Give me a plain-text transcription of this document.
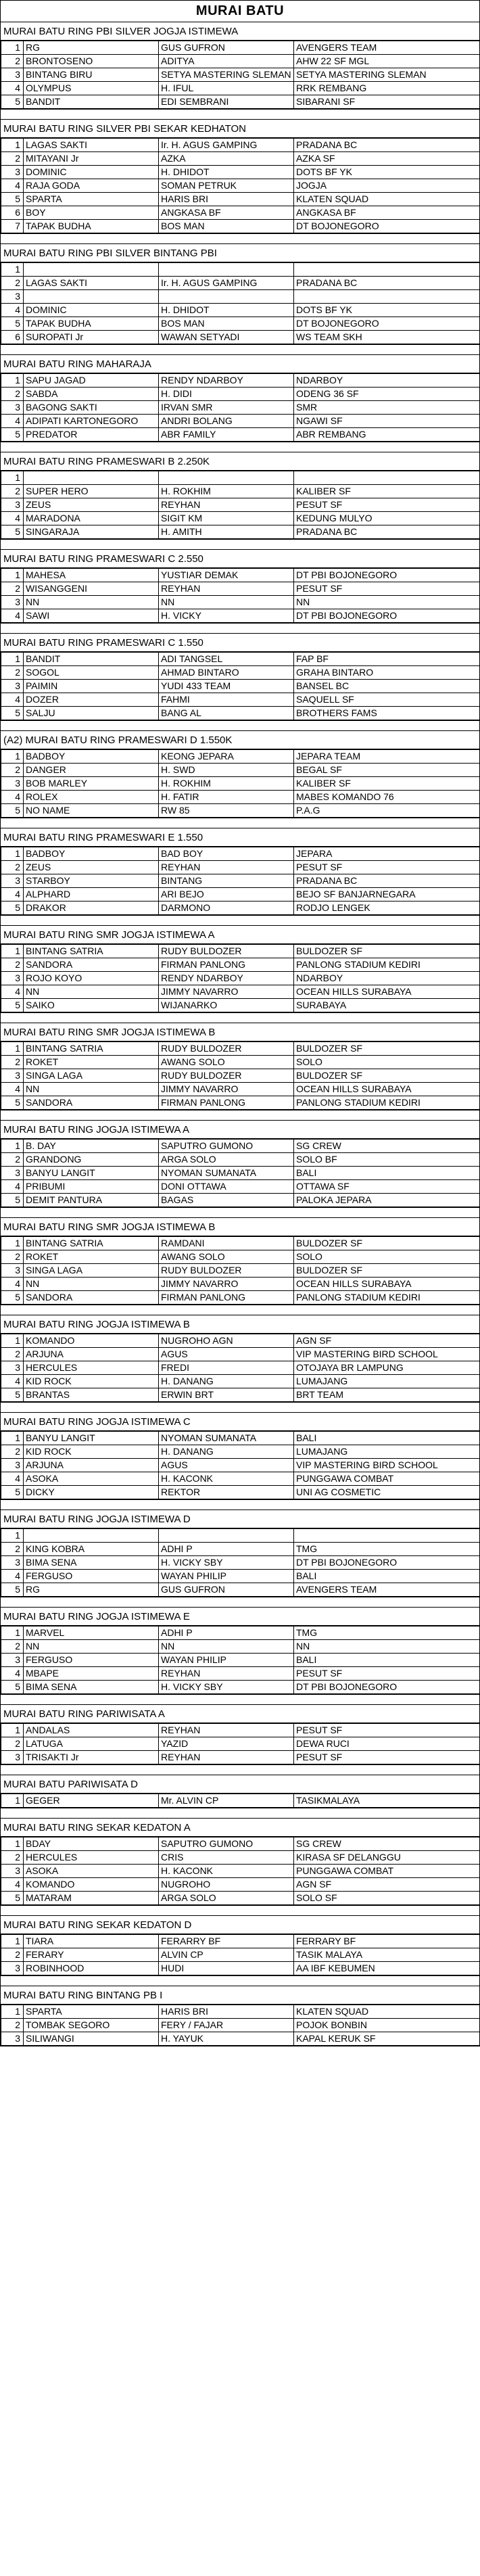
MURAI BATU
MURAI BATU RING PBI SILVER JOGJA ISTIMEWA
1	RG	GUS GUFRON	AVENGERS TEAM
2	BRONTOSENO	ADITYA	AHW 22 SF MGL
3	BINTANG BIRU	SETYA MASTERING SLEMAN	SETYA MASTERING SLEMAN
4	OLYMPUS	H. IFUL	RRK REMBANG
5	BANDIT	EDI SEMBRANI	SIBARANI SF
MURAI BATU RING SILVER PBI SEKAR KEDHATON
1	LAGAS SAKTI	Ir. H. AGUS GAMPING	PRADANA BC
2	MITAYANI Jr	AZKA	AZKA SF
3	DOMINIC	H. DHIDOT	DOTS BF YK
4	RAJA GODA	SOMAN PETRUK	JOGJA
5	SPARTA	HARIS BRI	KLATEN SQUAD
6	BOY	ANGKASA BF	ANGKASA BF
7	TAPAK BUDHA	BOS MAN	DT BOJONEGORO
MURAI BATU RING PBI SILVER BINTANG PBI
1			
2	LAGAS SAKTI	Ir. H. AGUS GAMPING	PRADANA BC
3			
4	DOMINIC	H. DHIDOT	DOTS BF YK
5	TAPAK BUDHA	BOS MAN	DT BOJONEGORO
6	SUROPATI Jr	WAWAN SETYADI	WS TEAM SKH
MURAI BATU RING MAHARAJA
1	SAPU JAGAD	RENDY NDARBOY	NDARBOY
2	SABDA	H. DIDI	ODENG 36 SF
3	BAGONG SAKTI	IRVAN SMR	SMR
4	ADIPATI KARTONEGORO	ANDRI BOLANG	NGAWI SF
5	PREDATOR	ABR FAMILY	ABR REMBANG
MURAI BATU RING PRAMESWARI B 2.250K
1			
2	SUPER HERO	H. ROKHIM	KALIBER SF
3	ZEUS	REYHAN	PESUT SF
4	MARADONA	SIGIT KM	KEDUNG MULYO
5	SINGARAJA	H. AMITH	PRADANA BC
MURAI BATU RING PRAMESWARI C 2.550
1	MAHESA	YUSTIAR DEMAK	DT PBI BOJONEGORO
2	WISANGGENI	REYHAN	PESUT SF
3	NN	NN	NN
4	SAWI	H. VICKY	DT PBI BOJONEGORO
MURAI BATU RING PRAMESWARI C 1.550
1	BANDIT	ADI TANGSEL	FAP BF
2	SOGOL	AHMAD BINTARO	GRAHA BINTARO
3	PAIMIN	YUDI 433 TEAM	BANSEL BC
4	DOZER	FAHMI	SAQUELL SF
5	SALJU	BANG AL	BROTHERS FAMS
(A2) MURAI BATU RING PRAMESWARI D 1.550K
1	BADBOY	KEONG JEPARA	JEPARA TEAM
2	DANGER	H. SWD	BEGAL SF
3	BOB MARLEY	H. ROKHIM	KALIBER SF
4	ROLEX	H. FATIR	MABES KOMANDO 76
5	NO NAME	RW 85	P.A.G
MURAI BATU RING PRAMESWARI E 1.550
1	BADBOY	BAD BOY	JEPARA
2	ZEUS	REYHAN	PESUT SF
3	STARBOY	BINTANG	PRADANA BC
4	ALPHARD	ARI BEJO	BEJO SF BANJARNEGARA
5	DRAKOR	DARMONO	RODJO LENGEK
MURAI BATU RING SMR JOGJA ISTIMEWA A
1	BINTANG SATRIA	RUDY BULDOZER	BULDOZER SF
2	SANDORA	FIRMAN PANLONG	PANLONG STADIUM KEDIRI
3	ROJO KOYO	RENDY NDARBOY	NDARBOY
4	NN	JIMMY NAVARRO	OCEAN HILLS SURABAYA
5	SAIKO	WIJANARKO	SURABAYA
MURAI BATU RING SMR JOGJA ISTIMEWA B
1	BINTANG SATRIA	RUDY BULDOZER	BULDOZER SF
2	ROKET	AWANG SOLO	SOLO
3	SINGA LAGA	RUDY BULDOZER	BULDOZER SF
4	NN	JIMMY NAVARRO	OCEAN HILLS SURABAYA
5	SANDORA	FIRMAN PANLONG	PANLONG STADIUM KEDIRI
MURAI BATU RING JOGJA ISTIMEWA A
1	B. DAY	SAPUTRO GUMONO	SG CREW
2	GRANDONG	ARGA SOLO	SOLO BF
3	BANYU LANGIT	NYOMAN SUMANATA	BALI
4	PRIBUMI	DONI OTTAWA	OTTAWA SF
5	DEMIT PANTURA	BAGAS	PALOKA JEPARA
MURAI BATU RING SMR JOGJA ISTIMEWA B
1	BINTANG SATRIA	RAMDANI	BULDOZER SF
2	ROKET	AWANG SOLO	SOLO
3	SINGA LAGA	RUDY BULDOZER	BULDOZER SF
4	NN	JIMMY NAVARRO	OCEAN HILLS SURABAYA
5	SANDORA	FIRMAN PANLONG	PANLONG STADIUM KEDIRI
MURAI BATU RING JOGJA ISTIMEWA B
1	KOMANDO	NUGROHO AGN	AGN SF
2	ARJUNA	AGUS	VIP MASTERING BIRD SCHOOL
3	HERCULES	FREDI	OTOJAYA BR LAMPUNG
4	KID ROCK	H. DANANG	LUMAJANG
5	BRANTAS	ERWIN BRT	BRT TEAM
MURAI BATU RING JOGJA ISTIMEWA C
1	BANYU LANGIT	NYOMAN SUMANATA	BALI
2	KID ROCK	H. DANANG	LUMAJANG
3	ARJUNA	AGUS	VIP MASTERING BIRD SCHOOL
4	ASOKA	H. KACONK	PUNGGAWA COMBAT
5	DICKY	REKTOR	UNI AG COSMETIC
MURAI BATU RING JOGJA ISTIMEWA D
1			
2	KING KOBRA	ADHI P	TMG
3	BIMA SENA	H. VICKY SBY	DT PBI BOJONEGORO
4	FERGUSO	WAYAN PHILIP	BALI
5	RG	GUS GUFRON	AVENGERS TEAM
MURAI BATU RING JOGJA ISTIMEWA E
1	MARVEL	ADHI P	TMG
2	NN	NN	NN
3	FERGUSO	WAYAN PHILIP	BALI
4	MBAPE	REYHAN	PESUT SF
5	BIMA SENA	H. VICKY SBY	DT PBI BOJONEGORO
MURAI BATU RING PARIWISATA A
1	ANDALAS	REYHAN	PESUT SF
2	LATUGA	YAZID	DEWA RUCI
3	TRISAKTI Jr	REYHAN	PESUT SF
MURAI BATU PARIWISATA D
1	GEGER	Mr. ALVIN CP	TASIKMALAYA
MURAI BATU RING SEKAR KEDATON A
1	BDAY	SAPUTRO GUMONO	SG CREW
2	HERCULES	CRIS	KIRASA SF DELANGGU
3	ASOKA	H. KACONK	PUNGGAWA COMBAT
4	KOMANDO	NUGROHO	AGN SF
5	MATARAM	ARGA SOLO	SOLO SF
MURAI BATU RING SEKAR KEDATON D
1	TIARA	FERARRY BF	FERRARY BF
2	FERARY	ALVIN CP	TASIK MALAYA
3	ROBINHOOD	HUDI	AA IBF KEBUMEN
MURAI BATU RING BINTANG PB I
1	SPARTA	HARIS BRI	KLATEN SQUAD
2	TOMBAK SEGORO	FERY / FAJAR	POJOK BONBIN
3	SILIWANGI	H. YAYUK	KAPAL KERUK SF
